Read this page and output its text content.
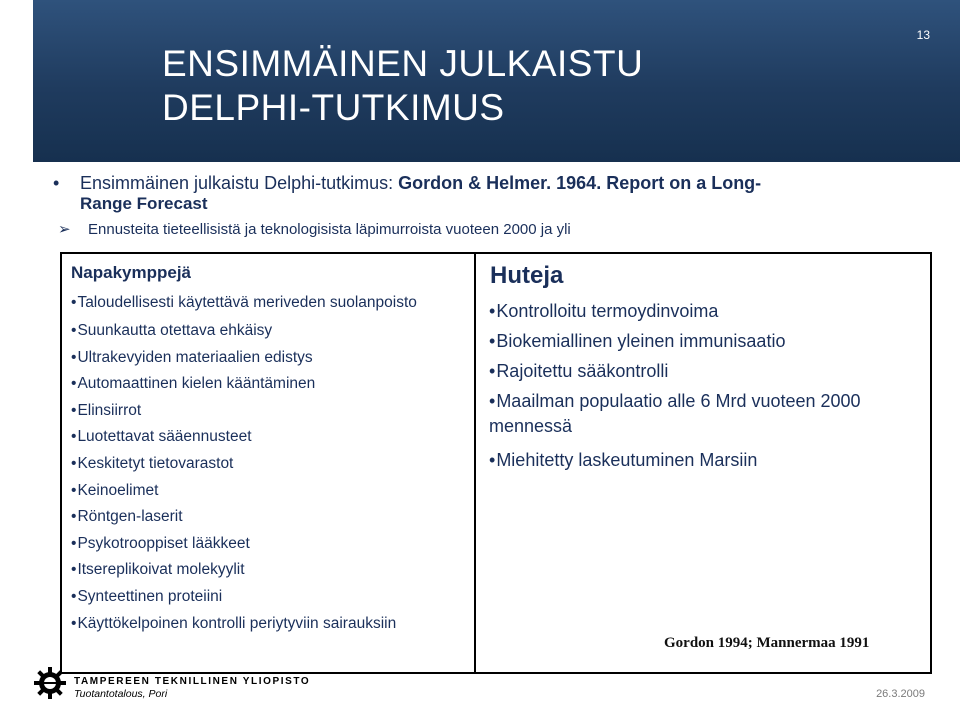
13
ENSIMMÄINEN JULKAISTU
DELPHI-TUTKIMUS
• Ensimmäinen julkaistu Delphi-tutkimus: Gordon & Helmer. 1964. Report on a Long-
Range Forecast
➢ Ennusteita tieteellisistä ja teknologisista läpimurroista vuoteen 2000 ja yli
Napakymppejä
•Taloudellisesti käytettävä meriveden suolanpoisto
•Suunkautta otettava ehkäisy
•Ultrakevyiden materiaalien edistys
•Automaattinen kielen kääntäminen
•Elinsiirrot
•Luotettavat sääennusteet
•Keskitetyt tietovarastot
•Keinoelimet
•Röntgen-laserit
•Psykotrooppiset lääkkeet
•Itsereplikoivat molekyylit
•Synteettinen proteiini
•Käyttökelpoinen kontrolli periytyviin sairauksiin
Huteja
•Kontrolloitu termoydinvoima
•Biokemiallinen yleinen immunisaatio
•Rajoitettu sääkontrolli
•Maailman populaatio alle 6 Mrd vuoteen 2000 mennessä
•Miehitetty laskeutuminen Marsiin
Gordon 1994; Mannermaa 1991
TAMPEREEN TEKNILLINEN YLIOPISTO
Tuotantotalous, Pori	26.3.2009
